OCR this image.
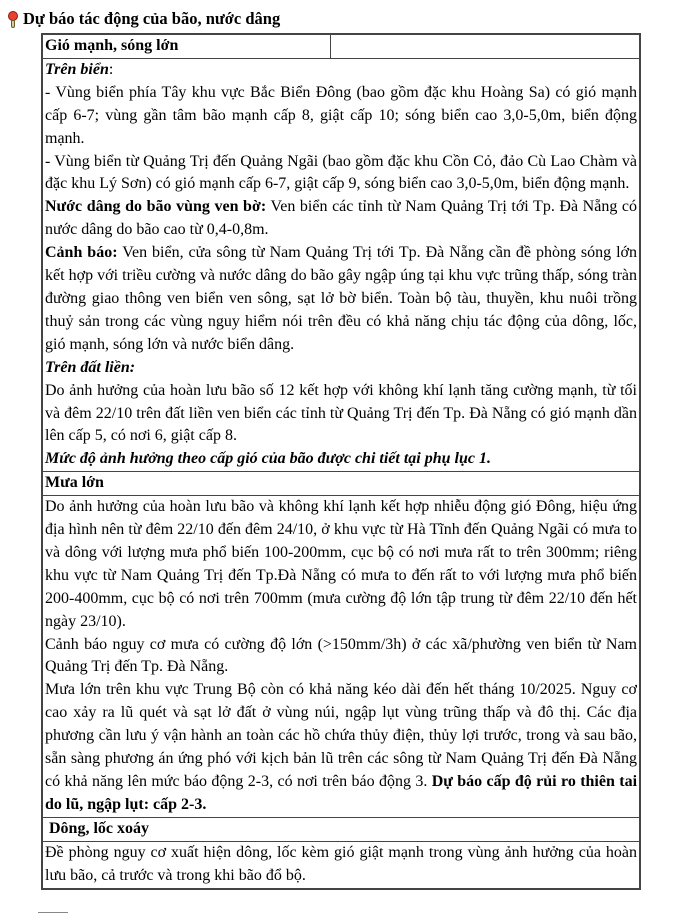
Dự báo tác động của bão, nước dâng
Gió mạnh, sóng lớn	

Trên biển:
- Vùng biển phía Tây khu vực Bắc Biển Đông (bao gồm đặc khu Hoàng Sa) có gió mạnh cấp 6-7; vùng gần tâm bão mạnh cấp 8, giật cấp 10; sóng biển cao 3,0-5,0m, biển động mạnh.
- Vùng biển từ Quảng Trị đến Quảng Ngãi (bao gồm đặc khu Cồn Cỏ, đảo Cù Lao Chàm và đặc khu Lý Sơn) có gió mạnh cấp 6-7, giật cấp 9, sóng biển cao 3,0-5,0m, biển động mạnh.
Nước dâng do bão vùng ven bờ: Ven biển các tỉnh từ Nam Quảng Trị tới Tp. Đà Nẵng có nước dâng do bão cao từ 0,4-0,8m.
Cảnh báo: Ven biển, cửa sông từ Nam Quảng Trị tới Tp. Đà Nẵng cần đề phòng sóng lớn kết hợp với triều cường và nước dâng do bão gây ngập úng tại khu vực trũng thấp, sóng tràn đường giao thông ven biển ven sông, sạt lở bờ biển. Toàn bộ tàu, thuyền, khu nuôi trồng thuỷ sản trong các vùng nguy hiểm nói trên đều có khả năng chịu tác động của dông, lốc, gió mạnh, sóng lớn và nước biển dâng.
Trên đất liền:
Do ảnh hưởng của hoàn lưu bão số 12 kết hợp với không khí lạnh tăng cường mạnh, từ tối và đêm 22/10 trên đất liền ven biển các tỉnh từ Quảng Trị đến Tp. Đà Nẵng có gió mạnh dần lên cấp 5, có nơi 6, giật cấp 8.
Mức độ ảnh hưởng theo cấp gió của bão được chi tiết tại phụ lục 1.

Mưa lớn

Do ảnh hưởng của hoàn lưu bão và không khí lạnh kết hợp nhiễu động gió Đông, hiệu ứng địa hình nên từ đêm 22/10 đến đêm 24/10, ở khu vực từ Hà Tĩnh đến Quảng Ngãi có mưa to và dông với lượng mưa phổ biến 100-200mm, cục bộ có nơi mưa rất to trên 300mm; riêng khu vực từ Nam Quảng Trị đến Tp.Đà Nẵng có mưa to đến rất to với lượng mưa phổ biến 200-400mm, cục bộ có nơi trên 700mm (mưa cường độ lớn tập trung từ đêm 22/10 đến hết ngày 23/10).
Cảnh báo nguy cơ mưa có cường độ lớn (>150mm/3h) ở các xã/phường ven biển từ Nam Quảng Trị đến Tp. Đà Nẵng.
Mưa lớn trên khu vực Trung Bộ còn có khả năng kéo dài đến hết tháng 10/2025. Nguy cơ cao xảy ra lũ quét và sạt lở đất ở vùng núi, ngập lụt vùng trũng thấp và đô thị. Các địa phương cần lưu ý vận hành an toàn các hồ chứa thủy điện, thủy lợi trước, trong và sau bão, sẵn sàng phương án ứng phó với kịch bản lũ trên các sông từ Nam Quảng Trị đến Đà Nẵng có khả năng lên mức báo động 2-3, có nơi trên báo động 3. Dự báo cấp độ rủi ro thiên tai do lũ, ngập lụt: cấp 2-3.

Dông, lốc xoáy
Đề phòng nguy cơ xuất hiện dông, lốc kèm gió giật mạnh trong vùng ảnh hưởng của hoàn lưu bão, cả trước và trong khi bão đổ bộ.
